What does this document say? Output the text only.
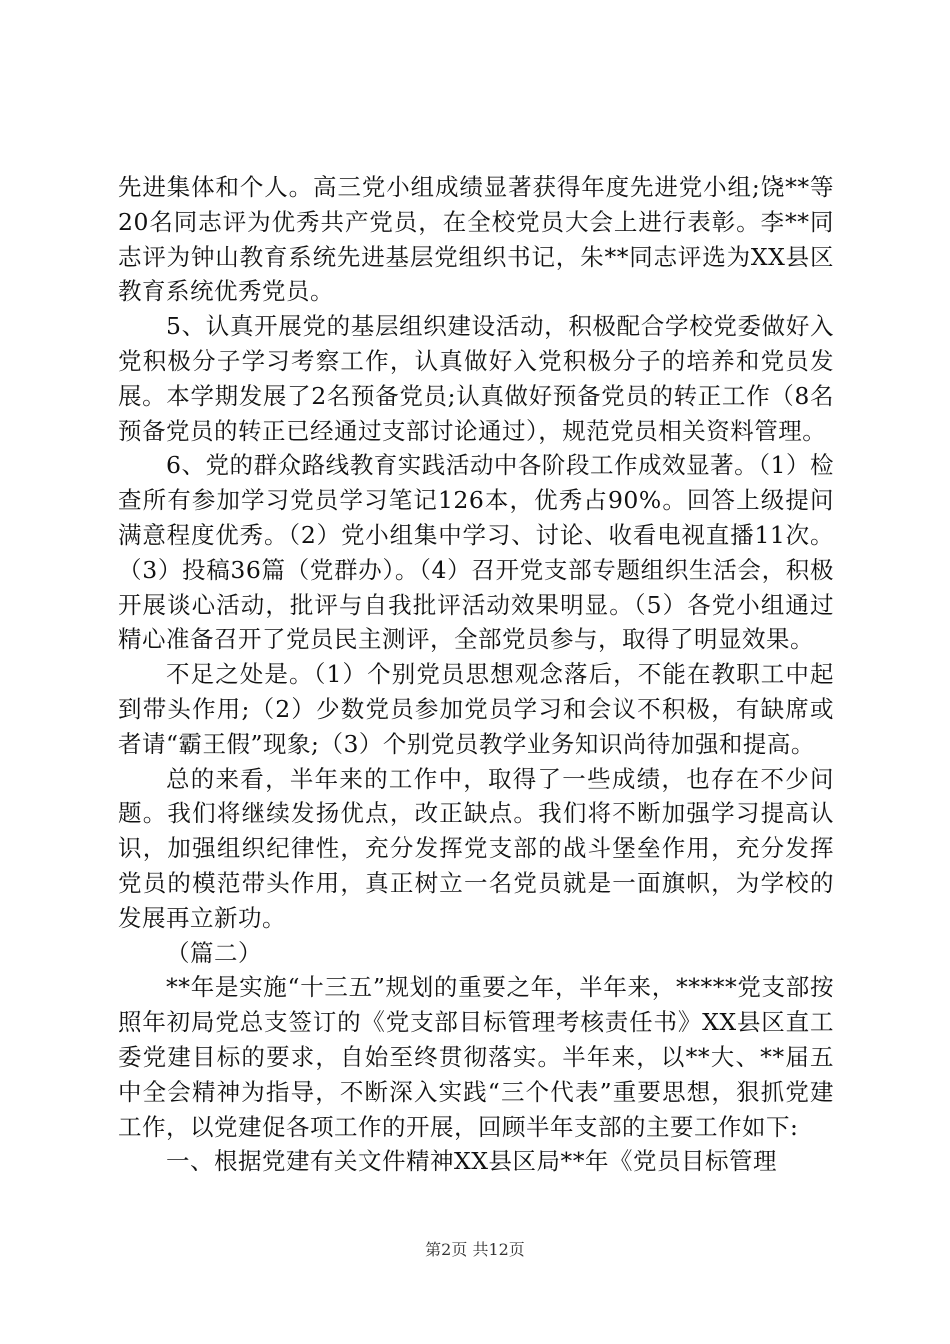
先进集体和个人。高三党小组成绩显著获得年度先进党小组;饶**等20名同志评为优秀共产党员，在全校党员大会上进行表彰。李**同志评为钟山教育系统先进基层党组织书记，朱**同志评选为XX县区教育系统优秀党员。

5、认真开展党的基层组织建设活动，积极配合学校党委做好入党积极分子学习考察工作，认真做好入党积极分子的培养和党员发展。本学期发展了2名预备党员;认真做好预备党员的转正工作（8名预备党员的转正已经通过支部讨论通过），规范党员相关资料管理。

6、党的群众路线教育实践活动中各阶段工作成效显著。（1）检查所有参加学习党员学习笔记126本，优秀占90%。回答上级提问满意程度优秀。（2）党小组集中学习、讨论、收看电视直播11次。（3）投稿36篇（党群办）。（4）召开党支部专题组织生活会，积极开展谈心活动，批评与自我批评活动效果明显。（5）各党小组通过精心准备召开了党员民主测评，全部党员参与，取得了明显效果。

不足之处是。（1）个别党员思想观念落后，不能在教职工中起到带头作用;（2）少数党员参加党员学习和会议不积极，有缺席或者请“霸王假”现象;（3）个别党员教学业务知识尚待加强和提高。

总的来看，半年来的工作中，取得了一些成绩，也存在不少问题。我们将继续发扬优点，改正缺点。我们将不断加强学习提高认识，加强组织纪律性，充分发挥党支部的战斗堡垒作用，充分发挥党员的模范带头作用，真正树立一名党员就是一面旗帜，为学校的发展再立新功。

（篇二）

**年是实施“十三五”规划的重要之年，半年来，*****党支部按照年初局党总支签订的《党支部目标管理考核责任书》XX县区直工委党建目标的要求，自始至终贯彻落实。半年来，以**大、**届五中全会精神为指导，不断深入实践“三个代表”重要思想，狠抓党建工作，以党建促各项工作的开展，回顾半年支部的主要工作如下:

一、根据党建有关文件精神XX县区局**年《党员目标管理

第2页 共12页
